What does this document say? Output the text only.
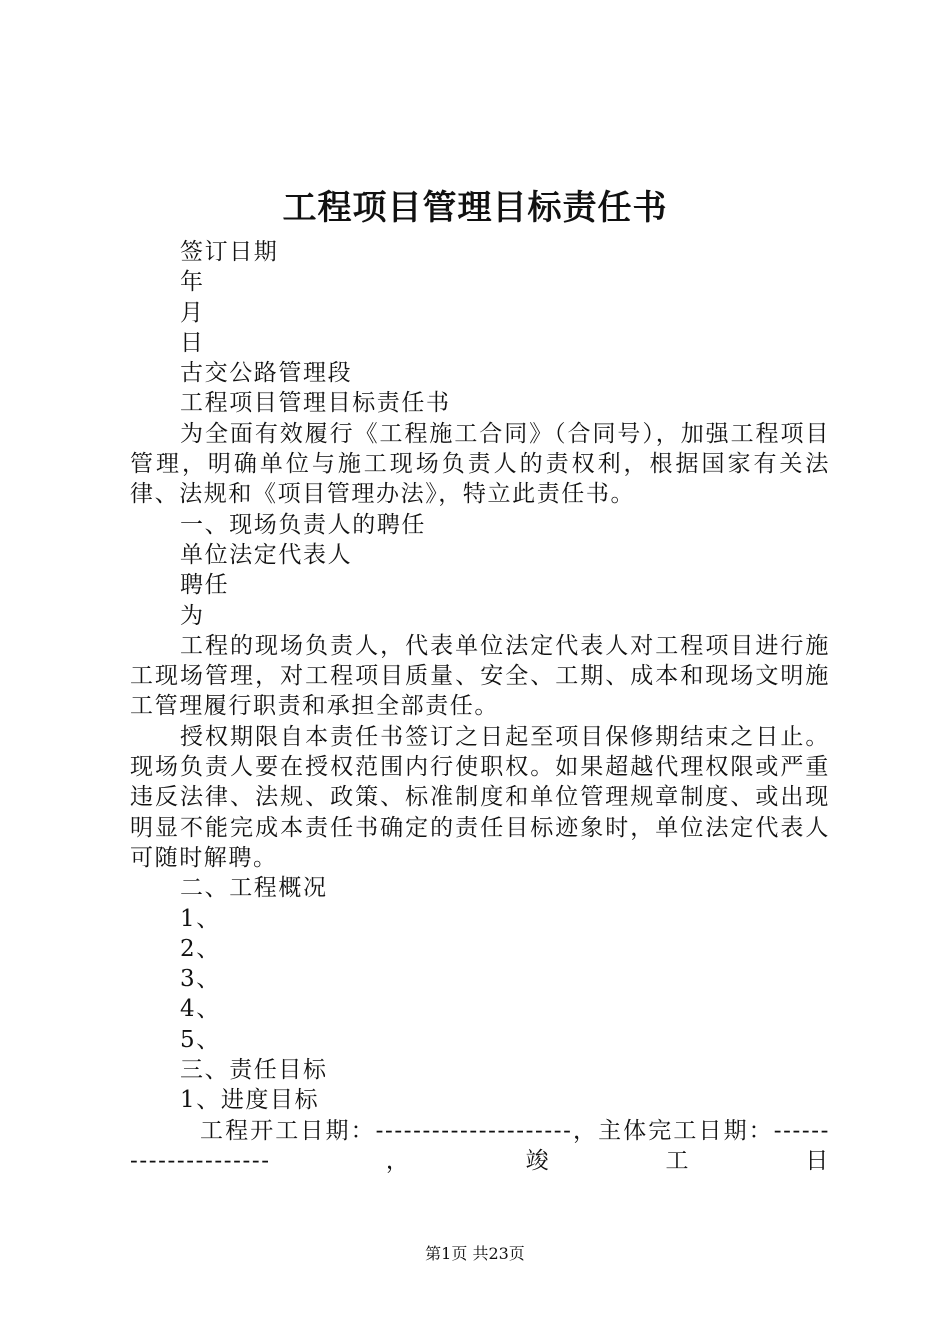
工程项目管理目标责任书

签订日期

年

月

日

古交公路管理段

工程项目管理目标责任书

为全面有效履行《工程施工合同》（合同号），加强工程项目管理，明确单位与施工现场负责人的责权利，根据国家有关法律、法规和《项目管理办法》，特立此责任书。

一、现场负责人的聘任

单位法定代表人

聘任

为

工程的现场负责人，代表单位法定代表人对工程项目进行施工现场管理，对工程项目质量、安全、工期、成本和现场文明施工管理履行职责和承担全部责任。

授权期限自本责任书签订之日起至项目保修期结束之日止。现场负责人要在授权范围内行使职权。如果超越代理权限或严重违反法律、法规、政策、标准制度和单位管理规章制度、或出现明显不能完成本责任书确定的责任目标迹象时，单位法定代表人可随时解聘。

二、工程概况

1、

2、

3、

4、

5、

三、责任目标

1、进度目标

工程开工日期：---------------------，主体完工日期：---------------------，竣工日

第1页 共23页
